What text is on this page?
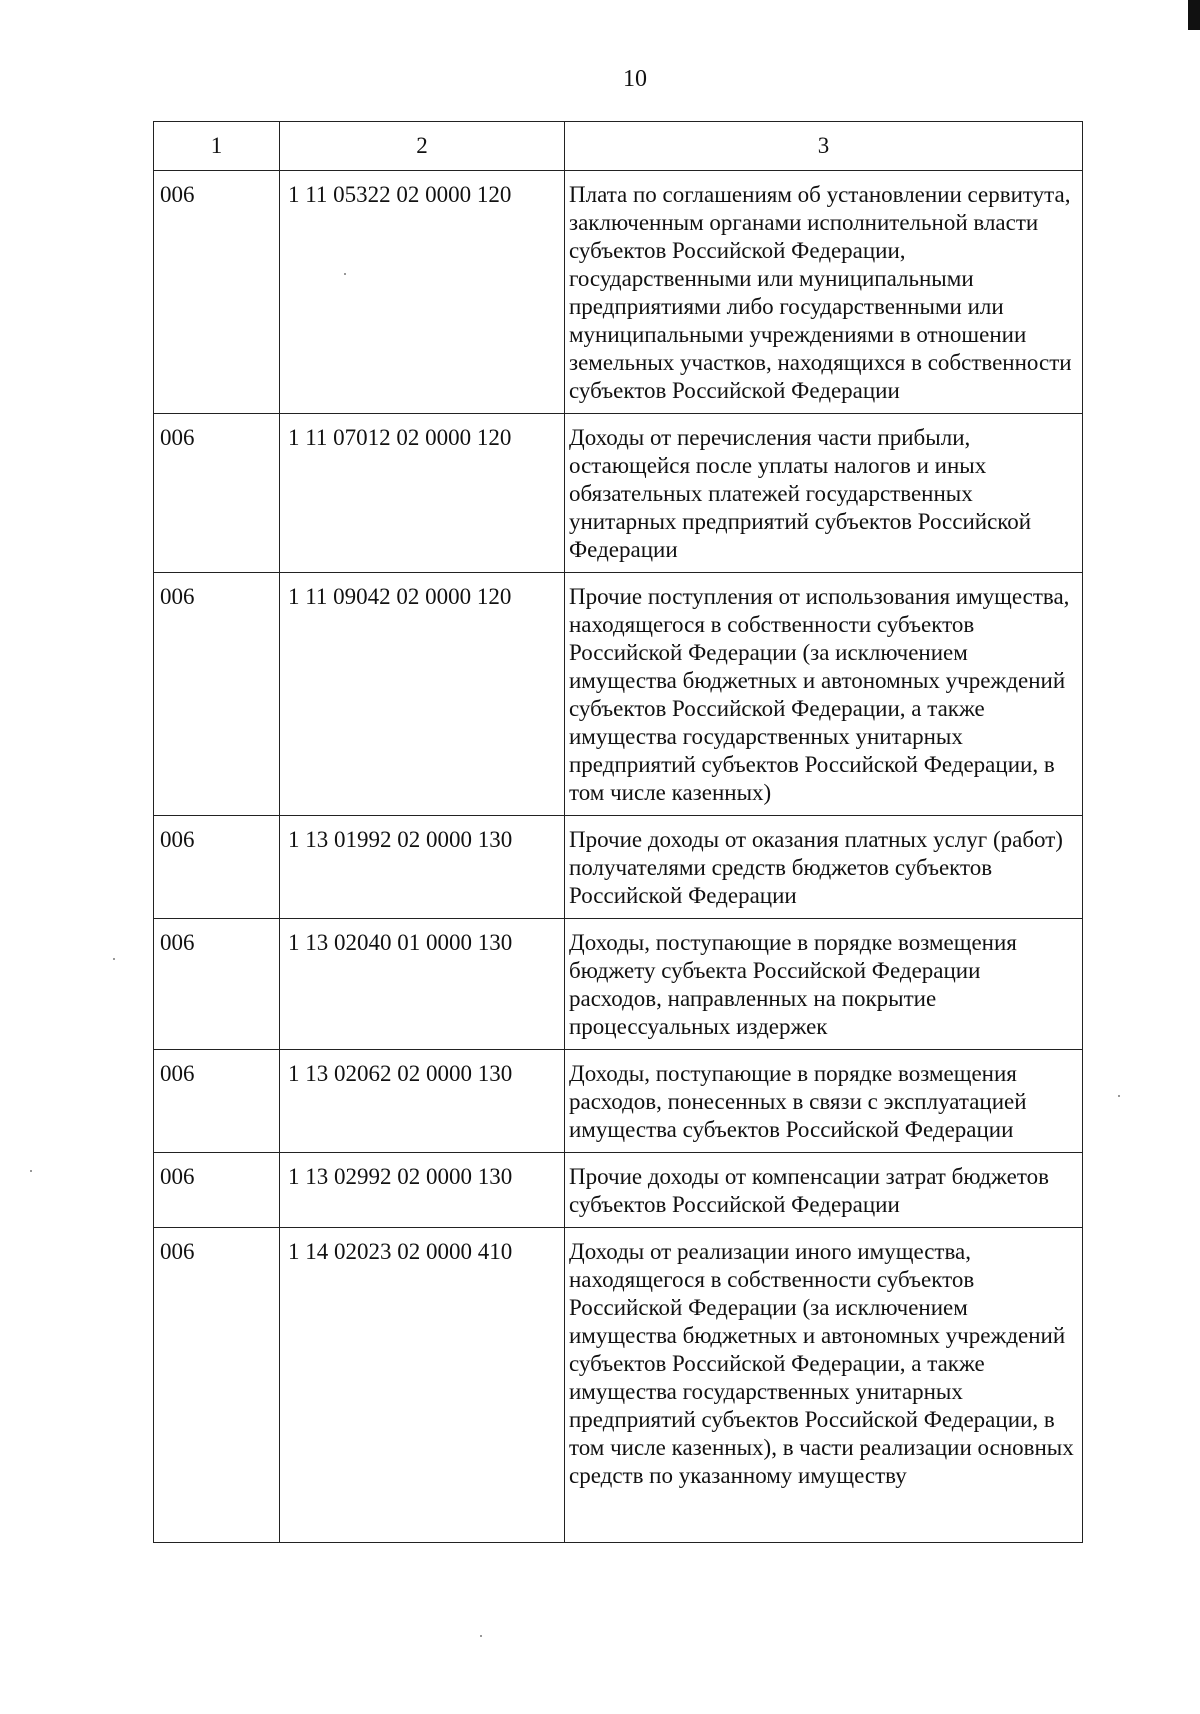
10
1	2	3
006	1 11 05322 02 0000 120	Плата по соглашениям об установлении сервитута, заключенным органами исполнительной власти субъектов Российской Федерации, государственными или муниципальными предприятиями либо государственными или муниципальными учреждениями в отношении земельных участков, находящихся в собственности субъектов Российской Федерации
006	1 11 07012 02 0000 120	Доходы от перечисления части прибыли, остающейся после уплаты налогов и иных обязательных платежей государственных унитарных предприятий субъектов Российской Федерации
006	1 11 09042 02 0000 120	Прочие поступления от использования имущества, находящегося в собственности субъектов Российской Федерации (за исключением имущества бюджетных и автономных учреждений субъектов Российской Федерации, а также имущества государственных унитарных предприятий субъектов Российской Федерации, в том числе казенных)
006	1 13 01992 02 0000 130	Прочие доходы от оказания платных услуг (работ) получателями средств бюджетов субъектов Российской Федерации
006	1 13 02040 01 0000 130	Доходы, поступающие в порядке возмещения бюджету субъекта Российской Федерации расходов, направленных на покрытие процессуальных издержек
006	1 13 02062 02 0000 130	Доходы, поступающие в порядке возмещения расходов, понесенных в связи с эксплуатацией имущества субъектов Российской Федерации
006	1 13 02992 02 0000 130	Прочие доходы от компенсации затрат бюджетов субъектов Российской Федерации
006	1 14 02023 02 0000 410	Доходы от реализации иного имущества, находящегося в собственности субъектов Российской Федерации (за исключением имущества бюджетных и автономных учреждений субъектов Российской Федерации, а также имущества государственных унитарных предприятий субъектов Российской Федерации, в том числе казенных), в части реализации основных средств по указанному имуществу
